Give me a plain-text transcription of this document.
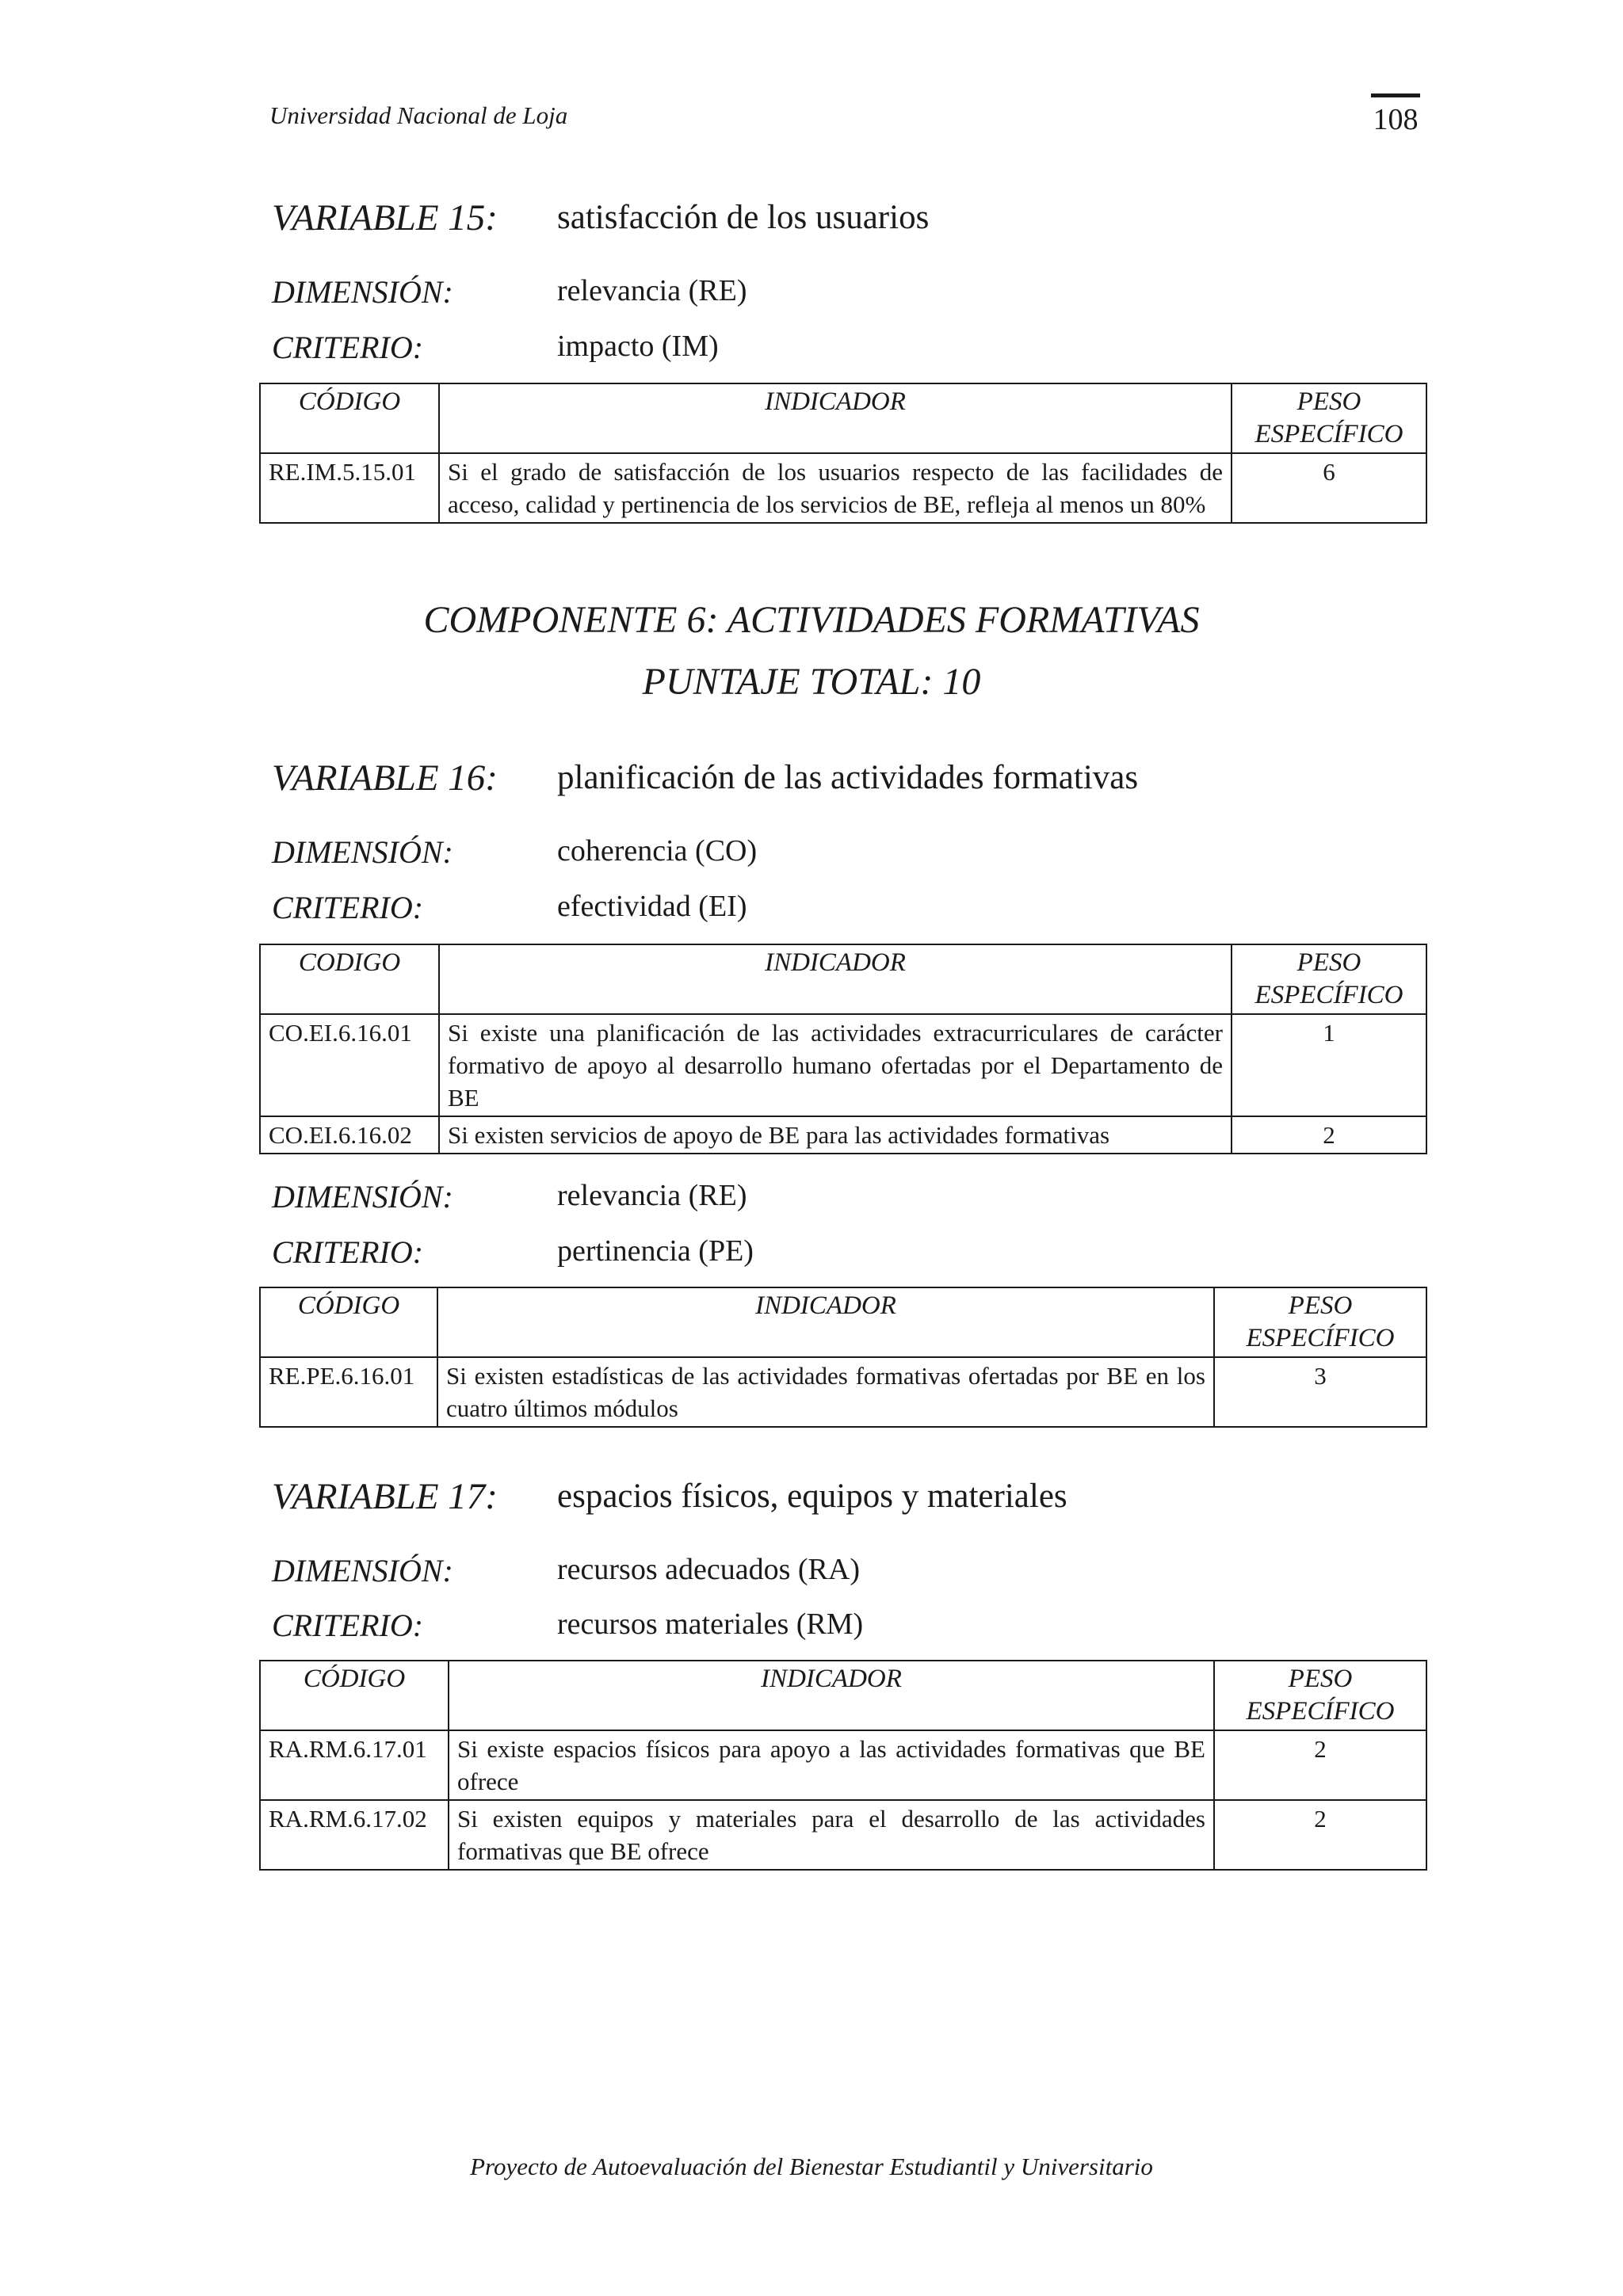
Universidad Nacional de Loja	108
VARIABLE 15: satisfacción de los usuarios
DIMENSIÓN:	relevancia (RE)
CRITERIO:	impacto (IM)
CÓDIGO	INDICADOR	PESO ESPECÍFICO
RE.IM.5.15.01	Si el grado de satisfacción de los usuarios respecto de las facilidades de acceso, calidad y pertinencia de los servicios de BE, refleja al menos un 80%	6
COMPONENTE 6: ACTIVIDADES FORMATIVAS
PUNTAJE TOTAL: 10
VARIABLE 16: planificación de las actividades formativas
DIMENSIÓN:	coherencia (CO)
CRITERIO:	efectividad (EI)
CODIGO	INDICADOR	PESO ESPECÍFICO
CO.EI.6.16.01	Si existe una planificación de las actividades extracurriculares de carácter formativo de apoyo al desarrollo humano ofertadas por el Departamento de BE	1
CO.EI.6.16.02	Si existen servicios de apoyo de BE para las actividades formativas	2
DIMENSIÓN:	relevancia (RE)
CRITERIO:	pertinencia (PE)
CÓDIGO	INDICADOR	PESO ESPECÍFICO
RE.PE.6.16.01	Si existen estadísticas de las actividades formativas ofertadas por BE en los cuatro últimos módulos	3
VARIABLE 17: espacios físicos, equipos y materiales
DIMENSIÓN:	recursos adecuados (RA)
CRITERIO:	recursos materiales (RM)
CÓDIGO	INDICADOR	PESO ESPECÍFICO
RA.RM.6.17.01	Si existe espacios físicos para apoyo a las actividades formativas que BE ofrece	2
RA.RM.6.17.02	Si existen equipos y materiales para el desarrollo de las actividades formativas que BE ofrece	2
Proyecto de Autoevaluación del Bienestar Estudiantil y Universitario
